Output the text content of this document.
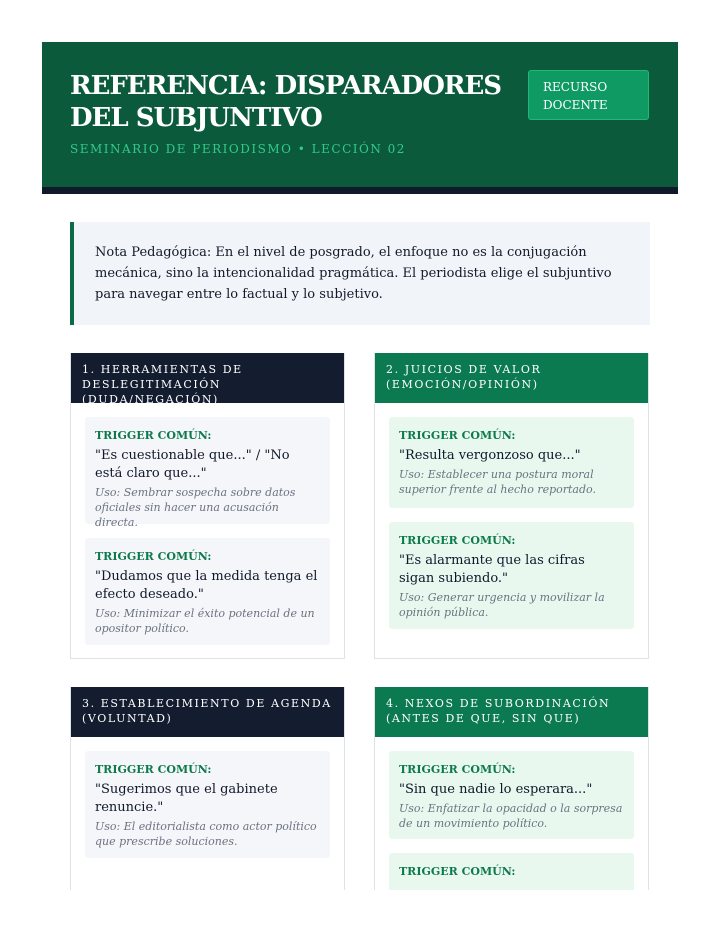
REFERENCIA: DISPARADORES DEL SUBJUNTIVO
SEMINARIO DE PERIODISMO • LECCIÓN 02
RECURSO DOCENTE
Nota Pedagógica: En el nivel de posgrado, el enfoque no es la conjugación mecánica, sino la intencionalidad pragmática. El periodista elige el subjuntivo para navegar entre lo factual y lo subjetivo.
1. HERRAMIENTAS DE DESLEGITIMACIÓN (DUDA/NEGACIÓN)
TRIGGER COMÚN:
"Es cuestionable que..." / "No está claro que..."
Uso: Sembrar sospecha sobre datos oficiales sin hacer una acusación directa.
TRIGGER COMÚN:
"Dudamos que la medida tenga el efecto deseado."
Uso: Minimizar el éxito potencial de un opositor político.
2. JUICIOS DE VALOR (EMOCIÓN/OPINIÓN)
TRIGGER COMÚN:
"Resulta vergonzoso que..."
Uso: Establecer una postura moral superior frente al hecho reportado.
TRIGGER COMÚN:
"Es alarmante que las cifras sigan subiendo."
Uso: Generar urgencia y movilizar la opinión pública.
3. ESTABLECIMIENTO DE AGENDA (VOLUNTAD)
TRIGGER COMÚN:
"Sugerimos que el gabinete renuncie."
Uso: El editorialista como actor político que prescribe soluciones.
4. NEXOS DE SUBORDINACIÓN (ANTES DE QUE, SIN QUE)
TRIGGER COMÚN:
"Sin que nadie lo esperara..."
Uso: Enfatizar la opacidad o la sorpresa de un movimiento político.
TRIGGER COMÚN:
